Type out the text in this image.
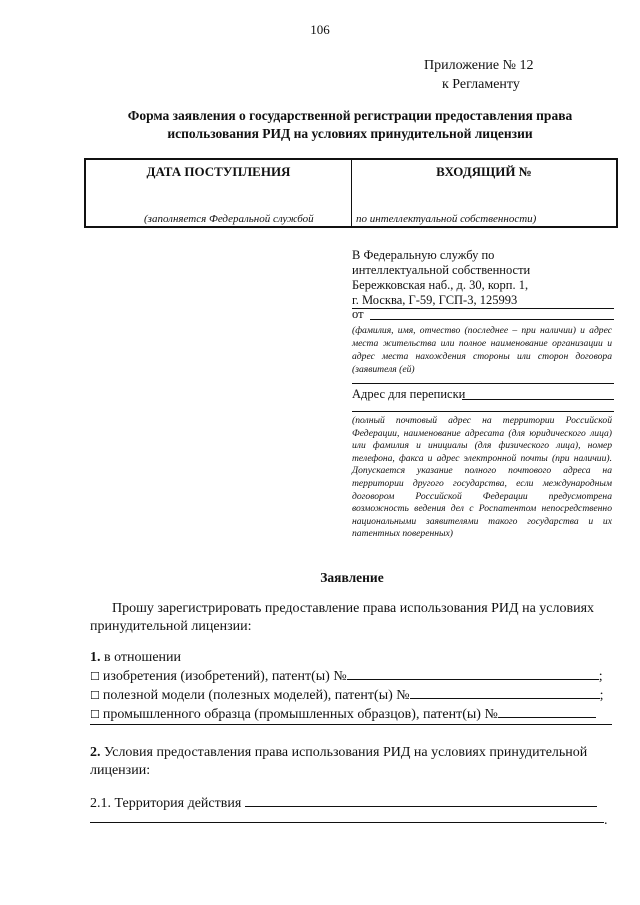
106
Приложение № 12
к Регламенту
Форма заявления о государственной регистрации предоставления права использования РИД на условиях принудительной лицензии
ДАТА ПОСТУПЛЕНИЯ	ВХОДЯЩИЙ №
(заполняется Федеральной службой	по интеллектуальной собственности)
В Федеральную службу по
интеллектуальной собственности
Бережковская наб., д. 30, корп. 1,
г. Москва, Г-59, ГСП-3, 125993
от
(фамилия, имя, отчество (последнее – при наличии) и адрес места жительства или полное наименование организации и адрес места нахождения стороны или сторон договора (заявителя (ей)
Адрес для переписки
(полный почтовый адрес на территории Российской Федерации, наименование адресата (для юридического лица) или фамилия и инициалы (для физического лица), номер телефона, факса и адрес электронной почты (при наличии). Допускается указание полного почтового адреса на территории другого государства, если международным договором Российской Федерации предусмотрена возможность ведения дел с Роспатентом непосредственно национальными заявителями такого государства и их патентных поверенных)
Заявление
Прошу зарегистрировать предоставление права использования РИД на условиях принудительной лицензии:
1. в отношении
☐ изобретения (изобретений), патент(ы) №	;
☐ полезной модели (полезных моделей), патент(ы) №	;
☐ промышленного образца (промышленных образцов), патент(ы) №
2. Условия предоставления права использования РИД на условиях принудительной лицензии:
2.1. Территория действия
.
